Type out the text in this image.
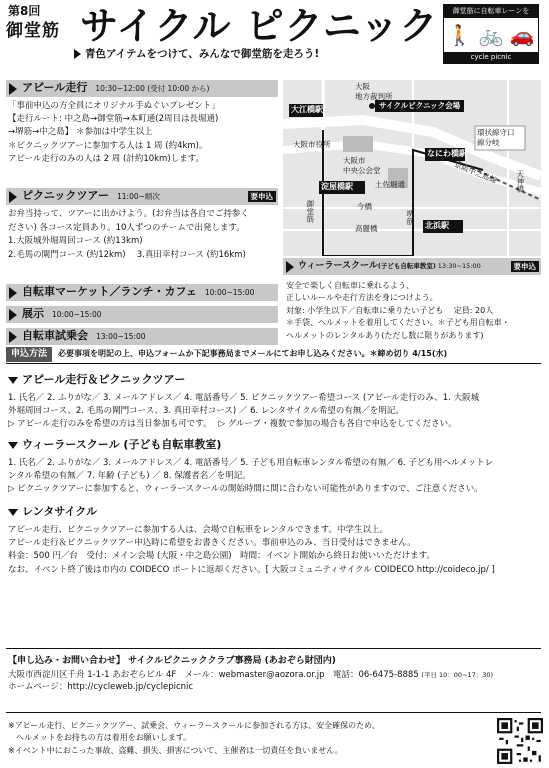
第8回
御堂筋 サイクル ピクニック
青色アイテムをつけて、みんなで御堂筋を走ろう!
御堂筋に自転車レーンを
🚶 🚲 🚗
cycle picnic
アピール走行 10:30~12:00 (受付 10:00 から)

「事前申込の方全員にオリジナル手ぬぐいプレゼント」

【走行ルート: 中之島→御堂筋→本町通(2周目は長堀通)

→堺筋→中之島】 ＊参加は中学生以上

＊ピクニックツアーに参加する人は 1 周 (約4km)。

アピール走行のみの人は 2 周 (計約10km)します。

ピクニックツアー 11:00~順次	要申込

お弁当持って、ツアーに出かけよう。(お弁当は各自でご持参く

ださい) 各コース定員あり。10人ずつのチームで出発します。

1.大阪城外堀周回コース (約13km)

2.毛馬の閘門コース (約12km)　 3.真田幸村コース (約16km)

自転車マーケット／ランチ・カフェ 10:00~15:00
展示 10:00~15:00
自転車試乗会 13:00~15:00
サイクルピクニック会場
大阪
地方裁判所
大江橋駅
なにわ橋駅
大阪市役所
大阪市
中央公会堂
環状線守口
線分岐
京阪中之島線
淀屋橋駅	土佐堀通
今橋
高麗橋
堺筋
北浜駅
御堂筋
天神橋
ウィーラースクール (子ども自転車教室) 13:30~15:00	要申込

安全で楽しく自転車に乗れるよう、

正しいルールや走行方法を身につけよう。

対象: 小学生以下／自転車に乗りたい子ども　 定員: 20人

＊手袋、ヘルメットを着用してください。＊子ども用自転車・

ヘルメットのレンタルあり(ただし数に限りがあります)

申込方法	必要事項を明記の上、申込フォームか下記事務局までメールにてお申し込みください。＊締め切り 4/15(水)
アピール走行＆ピクニックツアー

1. 氏名／ 2. ふりがな／ 3. メールアドレス／ 4. 電話番号／ 5. ピクニックツアー希望コース (アピール走行のみ、1. 大阪城

外堀周回コース、2. 毛馬の閘門コース、3. 真田幸村コース) ／ 6. レンタサイクル希望の有無／を明記。

▷ アピール走行のみを希望の方は当日参加も可です。　 ▷ グループ・複数で参加の場合も各自で申込をしてください。

ウィーラースクール (子ども自転車教室)

1. 氏名／ 2. ふりがな／ 3. メールアドレス／ 4. 電話番号／ 5. 子ども用自転車レンタル希望の有無／ 6. 子ども用ヘルメットレ

ンタル希望の有無／ 7. 年齢 (子ども) ／ 8. 保護者名／を明記。

▷ ピクニックツアーに参加すると、ウィーラースクールの開始時間に間に合わない可能性がありますので、ご注意ください。

レンタサイクル

アピール走行、ピクニックツアーに参加する人は、会場で自転車をレンタルできます。中学生以上。

アピール走行＆ピクニックツアー申込時に希望をお書きください。事前申込のみ、当日受付はできません。

料金：500 円／台　受付：メイン会場 (大阪・中之島公園)　時間：イベント開始から終日お使いいただけます。

なお、イベント終了後は市内の COIDECO ポートに返却ください。[ 大阪コミュニティサイクル COIDECO http://coideco.jp/ ]

【申し込み・お問い合わせ】 サイクルピクニッククラブ事務局 (あおぞら財団内)

大阪市西淀川区千舟 1-1-1 あおぞらビル 4F　メール：webmaster@aozora.or.jp　電話：06-6475-8885 (平日 10：00~17：30)

ホームページ：http://cycleweb.jp/cyclepicnic

※アピール走行、ピクニックツアー、試乗会、ウィーラースクールに参加される方は、安全確保のため、

　ヘルメットをお持ちの方は着用をお願いします。

※イベント中におこった事故、盗難、損失、損害について、主催者は一切責任を負いません。
